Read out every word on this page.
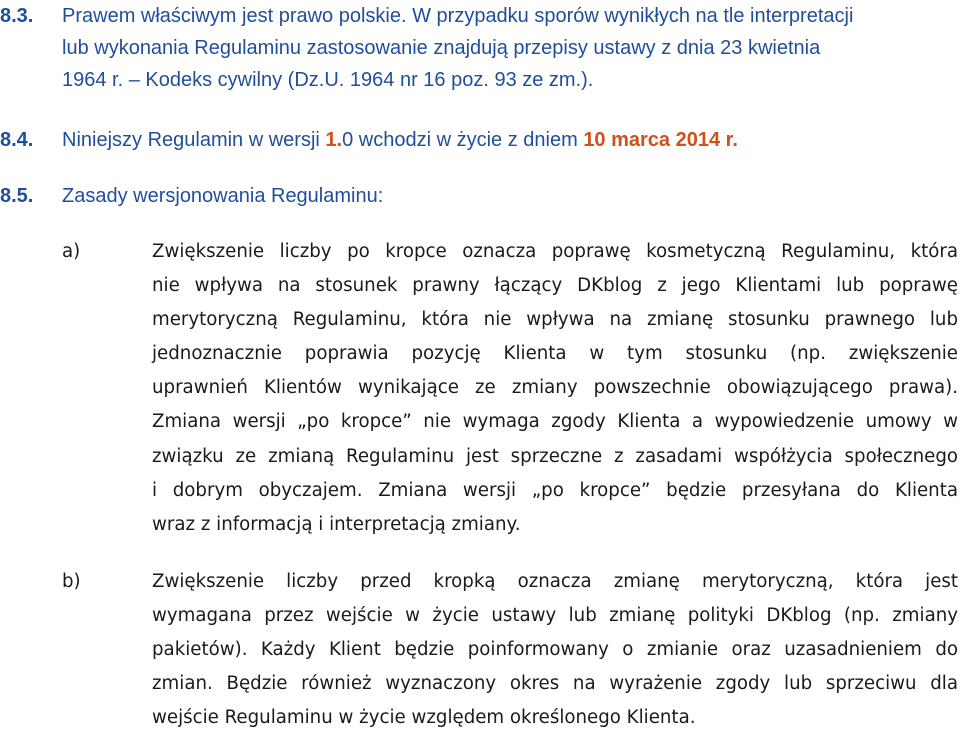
8.3. Prawem właściwym jest prawo polskie. W przypadku sporów wynikłych na tle interpretacji
lub wykonania Regulaminu zastosowanie znajdują przepisy ustawy z dnia 23 kwietnia
1964 r. – Kodeks cywilny (Dz.U. 1964 nr 16 poz. 93 ze zm.).
8.4. Niniejszy Regulamin w wersji 1.0 wchodzi w życie z dniem 10 marca 2014 r.
8.5. Zasady wersjonowania Regulaminu:
a)	Zwiększenie liczby po kropce oznacza poprawę kosmetyczną Regulaminu, która
nie wpływa na stosunek prawny łączący DKblog z jego Klientami lub poprawę
merytoryczną Regulaminu, która nie wpływa na zmianę stosunku prawnego lub
jednoznacznie poprawia pozycję Klienta w tym stosunku (np. zwiększenie
uprawnień Klientów wynikające ze zmiany powszechnie obowiązującego prawa).
Zmiana wersji „po kropce” nie wymaga zgody Klienta a wypowiedzenie umowy w
związku ze zmianą Regulaminu jest sprzeczne z zasadami współżycia społecznego
i dobrym obyczajem. Zmiana wersji „po kropce” będzie przesyłana do Klienta
wraz z informacją i interpretacją zmiany.
b)	Zwiększenie liczby przed kropką oznacza zmianę merytoryczną, która jest
wymagana przez wejście w życie ustawy lub zmianę polityki DKblog (np. zmiany
pakietów). Każdy Klient będzie poinformowany o zmianie oraz uzasadnieniem do
zmian. Będzie również wyznaczony okres na wyrażenie zgody lub sprzeciwu dla
wejście Regulaminu w życie względem określonego Klienta.
